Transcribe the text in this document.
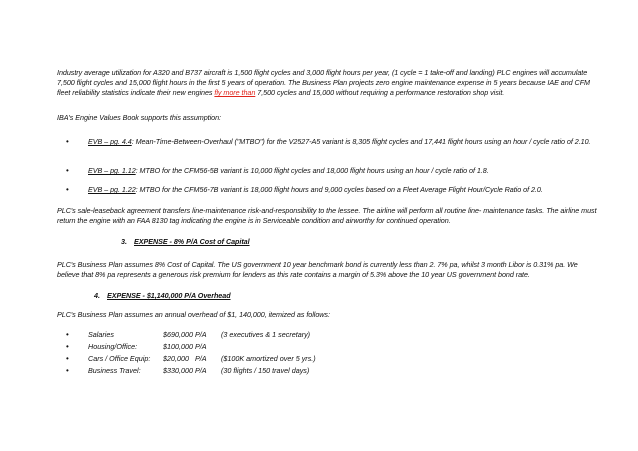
Industry average utilization for A320 and B737 aircraft is 1,500 flight cycles and 3,000 flight hours per year, (1 cycle = 1 take-off and landing) PLC engines will accumulate 7,500 flight cycles and 15,000 flight hours in the first 5 years of operation. The Business Plan projects zero engine maintenance expense in 5 years because IAE and CFM fleet reliability statistics indicate their new engines fly more than 7,500 cycles and 15,000 without requiring a performance restoration shop visit.

IBA's Engine Values Book supports this assumption:

•	EVB – pg. 4.4: Mean-Time-Between-Overhaul ("MTBO") for the V2527-A5 variant is 8,305 flight cycles and 17,441 flight hours using an hour / cycle ratio of 2.10.
•	EVB – pg. 1.12: MTBO for the CFM56-5B variant is 10,000 flight cycles and 18,000 flight hours using an hour / cycle ratio of 1.8.
•	EVB – pg. 1.22: MTBO for the CFM56-7B variant is 18,000 flight hours and 9,000 cycles based on a Fleet Average Flight Hour/Cycle Ratio of 2.0.

PLC's sale-leaseback agreement transfers line-maintenance risk-and-responsibility to the lessee. The airline will perform all routine line- maintenance tasks. The airline must return the engine with an FAA 8130 tag indicating the engine is in Serviceable condition and airworthy for continued operation.

3. EXPENSE - 8% P/A Cost of Capital

PLC's Business Plan assumes 8% Cost of Capital. The US government 10 year benchmark bond is currently less than 2. 7% pa, whilst 3 month Libor is 0.31% pa. We believe that 8% pa represents a generous risk premium for lenders as this rate contains a margin of 5.3% above the 10 year US government bond rate.

4. EXPENSE - $1,140,000 P/A Overhead

PLC's Business Plan assumes an annual overhead of $1, 140,000, itemized as follows:

•	Salaries	$690,000 P/A (3 executives & 1 secretary)
•	Housing/Office:	$100,000 P/A
•	Cars / Office Equip: $20,000 P/A ($100K amortized over 5 yrs.)
•	Business Travel:	$330,000 P/A (30 flights / 150 travel days)
